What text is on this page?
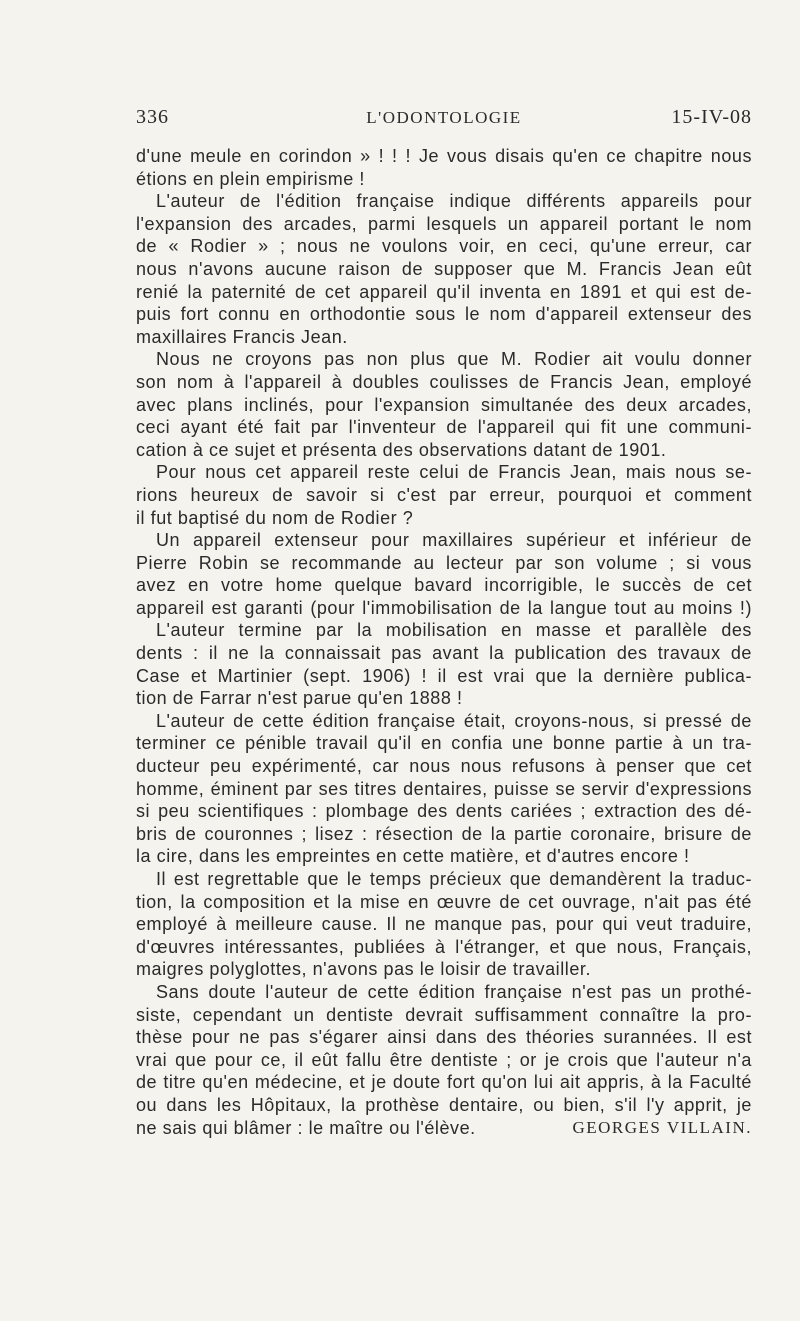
336	L'ODONTOLOGIE	15-IV-08
d'une meule en corindon » ! ! ! Je vous disais qu'en ce chapitre nous
étions en plein empirisme !
L'auteur de l'édition française indique différents appareils pour
l'expansion des arcades, parmi lesquels un appareil portant le nom
de « Rodier » ; nous ne voulons voir, en ceci, qu'une erreur, car
nous n'avons aucune raison de supposer que M. Francis Jean eût
renié la paternité de cet appareil qu'il inventa en 1891 et qui est de-
puis fort connu en orthodontie sous le nom d'appareil extenseur des
maxillaires Francis Jean.
Nous ne croyons pas non plus que M. Rodier ait voulu donner
son nom à l'appareil à doubles coulisses de Francis Jean, employé
avec plans inclinés, pour l'expansion simultanée des deux arcades,
ceci ayant été fait par l'inventeur de l'appareil qui fit une communi-
cation à ce sujet et présenta des observations datant de 1901.
Pour nous cet appareil reste celui de Francis Jean, mais nous se-
rions heureux de savoir si c'est par erreur, pourquoi et comment
il fut baptisé du nom de Rodier ?
Un appareil extenseur pour maxillaires supérieur et inférieur de
Pierre Robin se recommande au lecteur par son volume ; si vous
avez en votre home quelque bavard incorrigible, le succès de cet
appareil est garanti (pour l'immobilisation de la langue tout au moins !)
L'auteur termine par la mobilisation en masse et parallèle des
dents : il ne la connaissait pas avant la publication des travaux de
Case et Martinier (sept. 1906) ! il est vrai que la dernière publica-
tion de Farrar n'est parue qu'en 1888 !
L'auteur de cette édition française était, croyons-nous, si pressé de
terminer ce pénible travail qu'il en confia une bonne partie à un tra-
ducteur peu expérimenté, car nous nous refusons à penser que cet
homme, éminent par ses titres dentaires, puisse se servir d'expressions
si peu scientifiques : plombage des dents cariées ; extraction des dé-
bris de couronnes ; lisez : résection de la partie coronaire, brisure de
la cire, dans les empreintes en cette matière, et d'autres encore !
Il est regrettable que le temps précieux que demandèrent la traduc-
tion, la composition et la mise en œuvre de cet ouvrage, n'ait pas été
employé à meilleure cause. Il ne manque pas, pour qui veut traduire,
d'œuvres intéressantes, publiées à l'étranger, et que nous, Français,
maigres polyglottes, n'avons pas le loisir de travailler.
Sans doute l'auteur de cette édition française n'est pas un prothé-
siste, cependant un dentiste devrait suffisamment connaître la pro-
thèse pour ne pas s'égarer ainsi dans des théories surannées. Il est
vrai que pour ce, il eût fallu être dentiste ; or je crois que l'auteur n'a
de titre qu'en médecine, et je doute fort qu'on lui ait appris, à la Faculté
ou dans les Hôpitaux, la prothèse dentaire, ou bien, s'il l'y apprit, je
ne sais qui blâmer : le maître ou l'élève.	GEORGES VILLAIN.
